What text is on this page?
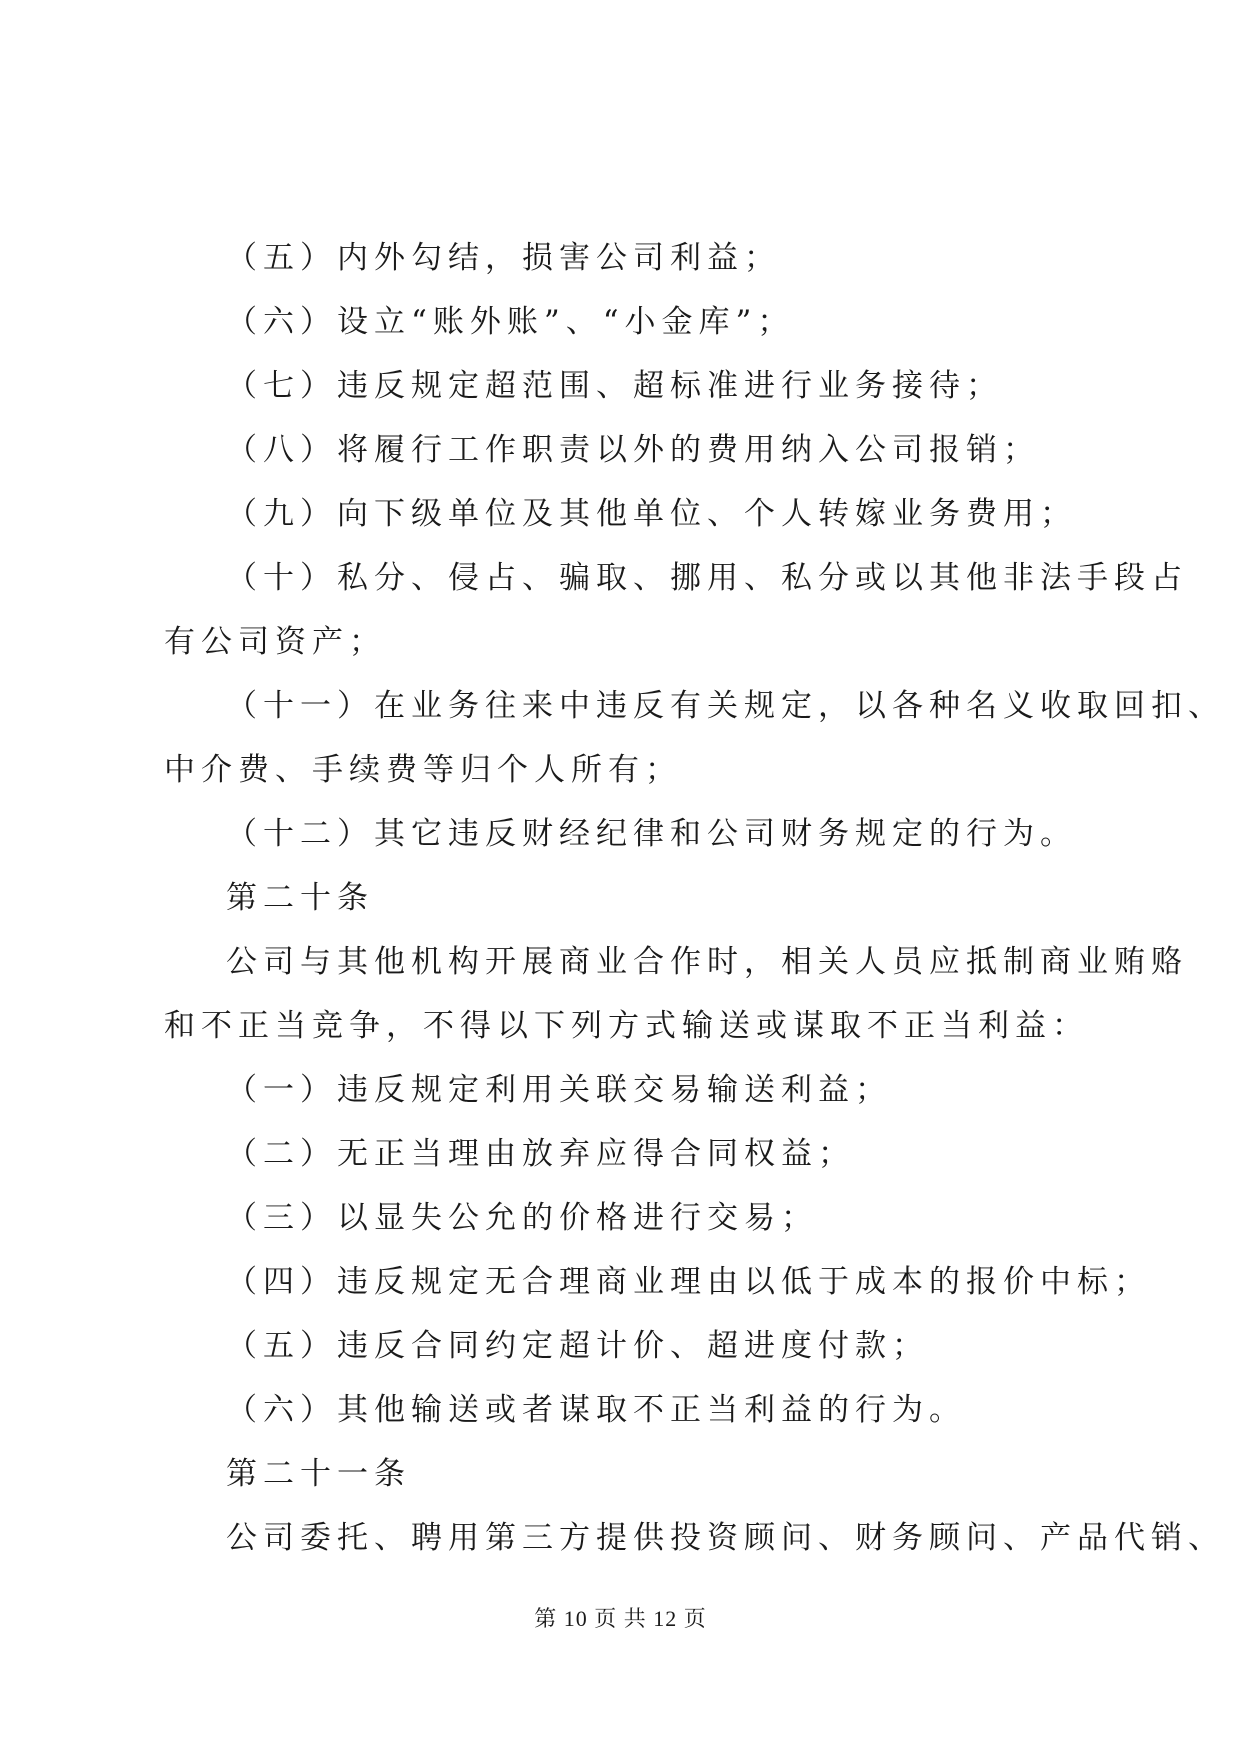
（五）内外勾结，损害公司利益；
（六）设立“账外账”、“小金库”；
（七）违反规定超范围、超标准进行业务接待；
（八）将履行工作职责以外的费用纳入公司报销；
（九）向下级单位及其他单位、个人转嫁业务费用；
（十）私分、侵占、骗取、挪用、私分或以其他非法手段占
有公司资产；
（十一）在业务往来中违反有关规定，以各种名义收取回扣、
中介费、手续费等归个人所有；
（十二）其它违反财经纪律和公司财务规定的行为。
第二十条
公司与其他机构开展商业合作时，相关人员应抵制商业贿赂
和不正当竞争，不得以下列方式输送或谋取不正当利益：
（一）违反规定利用关联交易输送利益；
（二）无正当理由放弃应得合同权益；
（三）以显失公允的价格进行交易；
（四）违反规定无合理商业理由以低于成本的报价中标；
（五）违反合同约定超计价、超进度付款；
（六）其他输送或者谋取不正当利益的行为。
第二十一条
公司委托、聘用第三方提供投资顾问、财务顾问、产品代销、
第 10 页 共 12 页
